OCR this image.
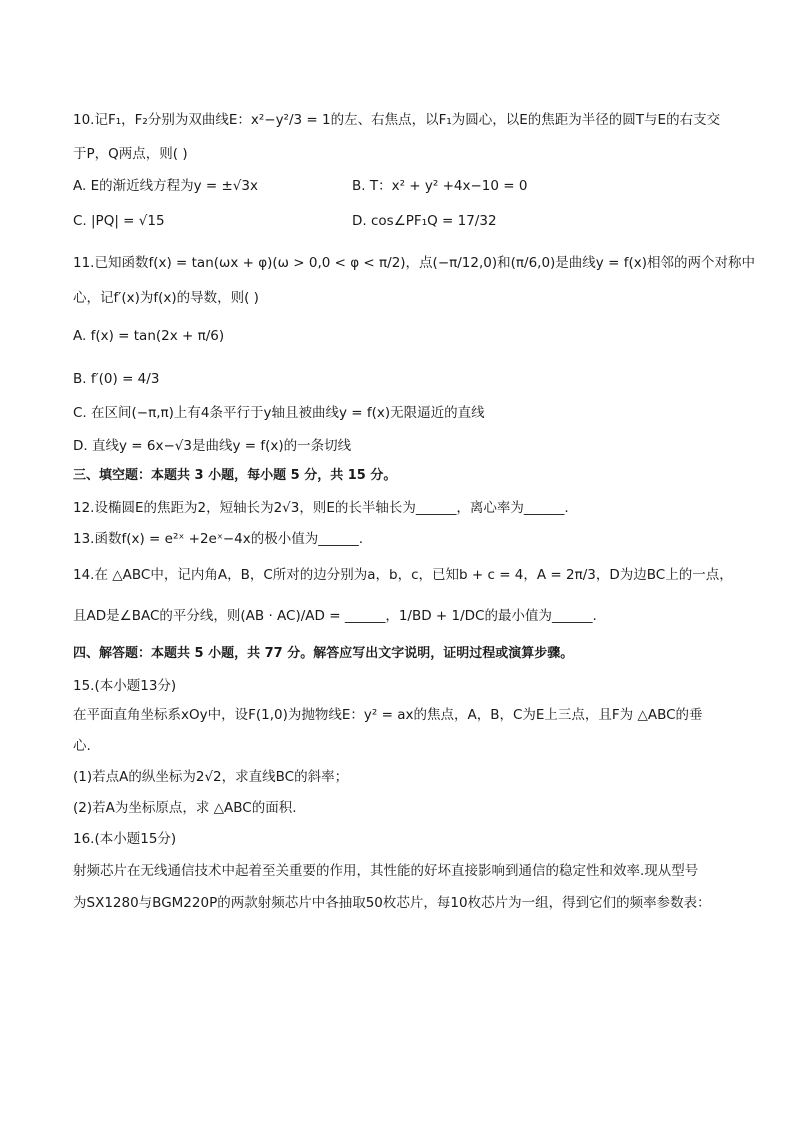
10.记F₁，F₂分别为双曲线E：x²−y²/3 = 1的左、右焦点，以F₁为圆心，以E的焦距为半径的圆T与E的右支交
于P，Q两点，则( )
A. E的渐近线方程为y = ±√3x	B. T：x² + y² +4x−10 = 0
C. |PQ| = √15	D. cos∠PF₁Q = 17/32
11.已知函数f(x) = tan(ωx + φ)(ω > 0,0 < φ < π/2)，点(−π/12,0)和(π/6,0)是曲线y = f(x)相邻的两个对称中
心，记f′(x)为f(x)的导数，则( )
A. f(x) = tan(2x + π/6)
B. f′(0) = 4/3
C. 在区间(−π,π)上有4条平行于y轴且被曲线y = f(x)无限逼近的直线
D. 直线y = 6x−√3是曲线y = f(x)的一条切线
三、填空题：本题共 3 小题，每小题 5 分，共 15 分。
12.设椭圆E的焦距为2，短轴长为2√3，则E的长半轴长为______，离心率为______.
13.函数f(x) = e²ˣ +2eˣ−4x的极小值为______.
14.在 △ABC中，记内角A，B，C所对的边分别为a，b，c，已知b + c = 4，A = 2π/3，D为边BC上的一点，
且AD是∠BAC的平分线，则(AB · AC)/AD = ______，1/BD + 1/DC的最小值为______.
四、解答题：本题共 5 小题，共 77 分。解答应写出文字说明，证明过程或演算步骤。
15.(本小题13分)
在平面直角坐标系xOy中，设F(1,0)为抛物线E：y² = ax的焦点，A，B，C为E上三点，且F为 △ABC的垂
心.
(1)若点A的纵坐标为2√2，求直线BC的斜率；
(2)若A为坐标原点，求 △ABC的面积.
16.(本小题15分)
射频芯片在无线通信技术中起着至关重要的作用，其性能的好坏直接影响到通信的稳定性和效率.现从型号
为SX1280与BGM220P的两款射频芯片中各抽取50枚芯片，每10枚芯片为一组，得到它们的频率参数表：
